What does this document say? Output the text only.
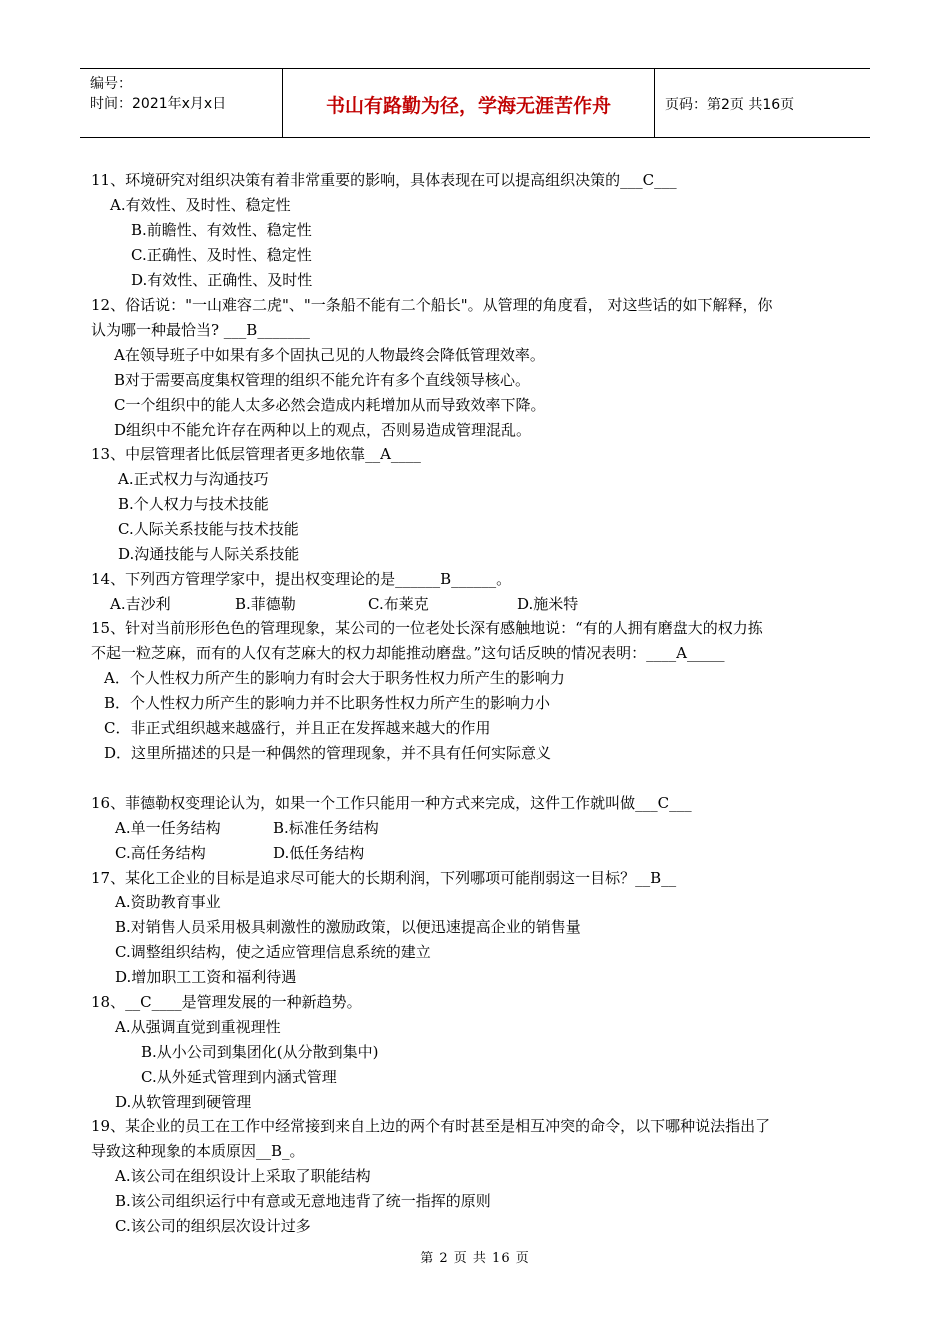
编号：
时间：2021年x月x日	书山有路勤为径，学海无涯苦作舟	页码：第2页 共16页
11、环境研究对组织决策有着非常重要的影响，具体表现在可以提高组织决策的___C___
A.有效性、及时性、稳定性
B.前瞻性、有效性、稳定性
C.正确性、及时性、稳定性
D.有效性、正确性、及时性
12、俗话说："一山难容二虎"、"一条船不能有二个船长"。从管理的角度看， 对这些话的如下解释，你
认为哪一种最恰当? ___B_______
A在领导班子中如果有多个固执己见的人物最终会降低管理效率。
B对于需要高度集权管理的组织不能允许有多个直线领导核心。
C一个组织中的能人太多必然会造成内耗增加从而导致效率下降。
D组织中不能允许存在两种以上的观点，否则易造成管理混乱。
13、中层管理者比低层管理者更多地依靠__A____
A.正式权力与沟通技巧
B.个人权力与技术技能
C.人际关系技能与技术技能
D.沟通技能与人际关系技能
14、下列西方管理学家中，提出权变理论的是______B______。
A.吉沙利	B.菲德勒	C.布莱克	D.施米特
15、针对当前形形色色的管理现象，某公司的一位老处长深有感触地说：“有的人拥有磨盘大的权力拣
不起一粒芝麻，而有的人仅有芝麻大的权力却能推动磨盘。”这句话反映的情况表明：____A_____
A．个人性权力所产生的影响力有时会大于职务性权力所产生的影响力
B．个人性权力所产生的影响力并不比职务性权力所产生的影响力小
C．非正式组织越来越盛行，并且正在发挥越来越大的作用
D．这里所描述的只是一种偶然的管理现象，并不具有任何实际意义
16、菲德勒权变理论认为，如果一个工作只能用一种方式来完成，这件工作就叫做___C___
A.单一任务结构	B.标准任务结构
C.高任务结构	D.低任务结构
17、某化工企业的目标是追求尽可能大的长期利润，下列哪项可能削弱这一目标？__B__
A.资助教育事业
B.对销售人员采用极具刺激性的激励政策，以便迅速提高企业的销售量
C.调整组织结构，使之适应管理信息系统的建立
D.增加职工工资和福利待遇
18、__C____是管理发展的一种新趋势。
A.从强调直觉到重视理性
B.从小公司到集团化(从分散到集中)
C.从外延式管理到内涵式管理
D.从软管理到硬管理
19、某企业的员工在工作中经常接到来自上边的两个有时甚至是相互冲突的命令，以下哪种说法指出了
导致这种现象的本质原因__B_。
A.该公司在组织设计上采取了职能结构
B.该公司组织运行中有意或无意地违背了统一指挥的原则
C.该公司的组织层次设计过多
第 2 页 共 16 页
